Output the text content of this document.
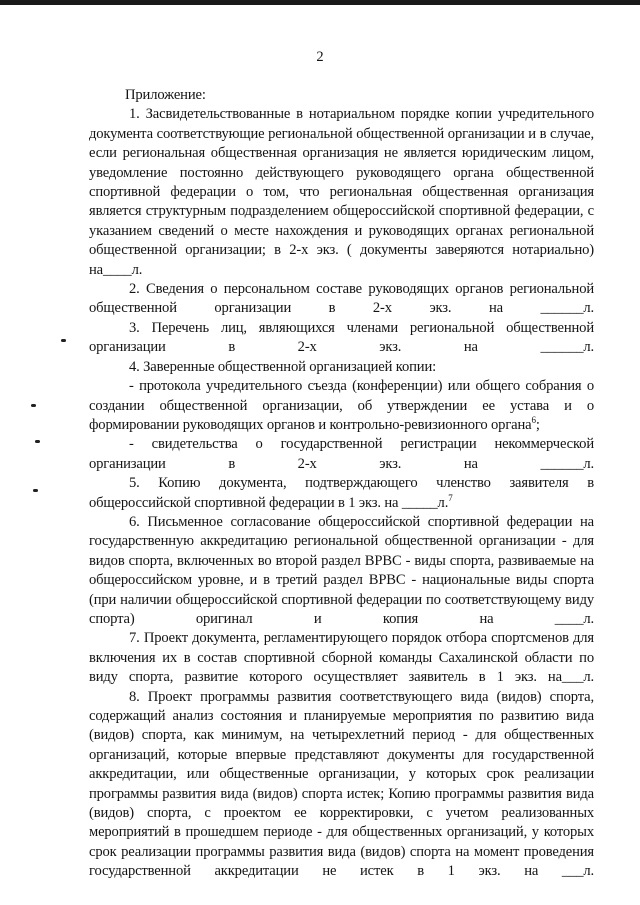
2

Приложение:

1. Засвидетельствованные в нотариальном порядке копии учредительного документа соответствующие региональной общественной организации и в случае, если региональная общественная организация не является юридическим лицом, уведомление постоянно действующего руководящего органа общественной спортивной федерации о том, что региональная общественная организация является структурным подразделением общероссийской спортивной федерации, с указанием сведений о месте нахождения и руководящих органах региональной общественной организации; в 2-х экз. ( документы заверяются нотариально) на____л.

2. Сведения о персональном составе руководящих органов региональной общественной организации в 2-х экз. на ______л.

3. Перечень лиц, являющихся членами региональной общественной организации в 2-х экз. на ______л.

4. Заверенные общественной организацией копии:

- протокола учредительного съезда (конференции) или общего собрания о создании общественной организации, об утверждении ее устава и о формировании руководящих органов и контрольно-ревизионного органа$^6$;

- свидетельства о государственной регистрации некоммерческой организации в 2-х экз. на ______л.

5. Копию документа, подтверждающего членство заявителя в общероссийской спортивной федерации в 1 экз. на _____л.$^7$

6. Письменное согласование общероссийской спортивной федерации на государственную аккредитацию региональной общественной организации - для видов спорта, включенных во второй раздел ВРВС - виды спорта, развиваемые на общероссийском уровне, и в третий раздел ВРВС - национальные виды спорта (при наличии общероссийской спортивной федерации по соответствующему виду спорта) оригинал и копия на ____л.

7. Проект документа, регламентирующего порядок отбора спортсменов для включения их в состав спортивной сборной команды Сахалинской области по виду спорта, развитие которого осуществляет заявитель в 1 экз. на___л.

8. Проект программы развития соответствующего вида (видов) спорта, содержащий анализ состояния и планируемые мероприятия по развитию вида (видов) спорта, как минимум, на четырехлетний период - для общественных организаций, которые впервые представляют документы для государственной аккредитации, или общественные организации, у которых срок реализации программы развития вида (видов) спорта истек; Копию программы развития вида (видов) спорта, с проектом ее корректировки, с учетом реализованных мероприятий в прошедшем периоде - для общественных организаций, у которых срок реализации программы развития вида (видов) спорта на момент проведения государственной аккредитации не истек в 1 экз. на ___л.
